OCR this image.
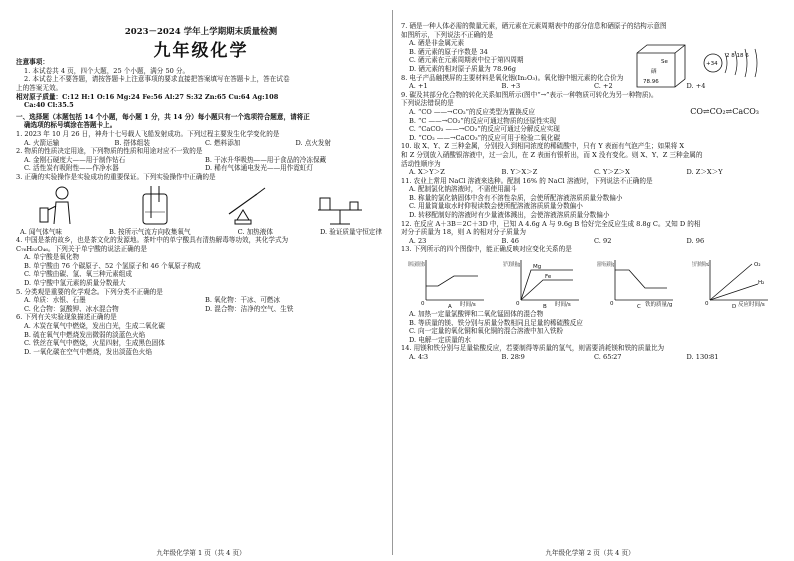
2023－2024 学年上学期期末质量检测
九年级化学
注意事项：
1. 本试卷共 4 页，四个大题，25 个小题，满分 50 分。
2. 本试卷上不要答题，请按答题卡上注意事项的要求直接把答案填写在答题卡上，答在试卷
上的答案无效。
相对原子质量：C:12 H:1 O:16 Mg:24 Fe:56 Al:27 S:32 Zn:65 Cu:64 Ag:108
Ca:40 Cl:35.5
一、选择题（本题包括 14 个小题，每小题 1 分，共 14 分）每小题只有一个选项符合题意，请将正
确选项的标号填涂在答题卡上。
1. 2023 年 10 月 26 日，神舟十七号载人飞船发射成功。下列过程主要发生化学变化的是
A. 火箭运输	B. 搭体组装	C. 燃料添加	D. 点火发射
2. 物质的性质决定用途，下列物质的性质和用途对应不一致的是
A. 金刚石硬度大——用于制作钻石	B. 干冰升华吸热——用于食品的冷冻保藏
C. 活性炭有吸附性——作净水器	D. 稀有气体通电发光——用作霓虹灯
3. 正确的实验操作是实验成功的重要保证。下列实验操作中正确的是
A. 闻气体气味	B. 按所示气流方向收集氧气	C. 加热液体	D. 验证质量守恒定律
4. 中国是茶的故乡，也是茶文化的发源地。茶叶中的单宁酸具有清热解毒等功效，其化学式为
C₇₆H₅₂O₄₆。下列关于单宁酸的说法正确的是
A. 单宁酸是氧化物
B. 单宁酸由 76 个碳原子、52 个氢原子和 46 个氧原子构成
C. 单宁酸由碳、氢、氧三种元素组成
D. 单宁酸中氢元素的质量分数最大
5. 分类观是重要的化学观念。下列分类不正确的是
A. 单质：水银、石墨	B. 氧化物：干冰、可燃冰
C. 化合物：氯酸钾、冰水混合物	D. 混合物：洁净的空气、生铁
6. 下列有关实验现象描述正确的是
A. 木炭在氧气中燃烧，发出白光，生成二氧化碳
B. 硫在氧气中燃烧发出微弱的淡蓝色火焰
C. 铁丝在氧气中燃烧，火星四射，生成黑色固体
D. 一氧化碳在空气中燃烧，发出淡蓝色火焰
九年级化学第 1 页（共 4 页）
7. 硒是一种人体必需的微量元素，硒元素在元素周期表中的部分信息和硒原子的结构示意图
如图所示，下列说法不正确的是
A. 硒是非金属元素
B. 硒元素的原子序数是 34
C. 硒元素在元素周期表中位于第四周期
D. 硒元素的相对原子质量为 78.96g
Se
硒
78.96
+34
2 8 18 6
8. 电子产品触摸屏的主要材料是氧化铟(In₂O₃)。氧化铟中铟元素的化合价为
A. +1	B. +3	C. +2	D. +4
9. 碳及其部分化合物的转化关系如图所示(图中“→”表示一种物质可转化为另一种物质)。
下列说法错误的是
A. “CO ——→CO₂”的反应类型为置换反应
B. “C ——→CO₂”的反应可通过物质的还原性实现
C. “CaCO₃ ——→CO₂”的反应可通过分解反应实现
D. “CO₂ ——→CaCO₃”的反应可用于检验二氧化碳
CO⇌CO₂⇌CaCO₃
10. 取 X、Y、Z 三种金属，分别投入到相同浓度的稀硫酸中，只有 Y 表面有气泡产生；如果将 X
和 Z 分别放入硝酸银溶液中，过一会儿，在 Z 表面有银析出，而 X 没有变化。则 X、Y、Z 三种金属的
活动性顺序为
A. X＞Y＞Z	B. Y＞X＞Z	C. Y＞Z＞X	D. Z＞X＞Y
11. 农业上常用 NaCl 溶液来选种。配制 16% 的 NaCl 溶液时，下列说法不正确的是
A. 配制氯化钠溶液时，不需使用漏斗
B. 称量的氯化钠固体中含有不溶性杂质，会使所配溶液溶质质量分数偏小
C. 用量筒量取水时仰视读数会使所配溶液溶质质量分数偏小
D. 转移配制好的溶液时有少量液体溅出，会使溶液溶质质量分数偏小
12. 在反应 A＋3B＝2C＋3D 中，已知 A 4.6g A 与 9.6g B 恰好完全反应生成 8.8g C。又知 D 的相
对分子质量为 18，则 A 的相对分子质量为
A. 23	B. 46	C. 92	D. 96
13. 下列所示的四个图像中，能正确反映对应变化关系的是
固体中锰元素的质量分数/%
0	时间/s
A
氢气的质量/g
Mg
Fe
0	时间/s
B
溶液中铜元素质量/g
0	铁的质量/g
C
生成气体的体积/mL O₂
H₂
0	反应时间/s
D
A. 加热一定量氯酸钾和二氧化锰固体的混合物
B. 等质量的镁、铁分别与质量分数相同且足量的稀硫酸反应
C. 向一定量的氧化铜和氧化铜的混合溶液中加入铁粉
D. 电解一定质量的水
14. 用镁和铁分别与足量盐酸反应，若要制得等质量的氢气，则需要消耗镁和铁的质量比为
A. 4∶3	B. 28∶9	C. 65∶27	D. 130∶81
九年级化学第 2 页（共 4 页）
